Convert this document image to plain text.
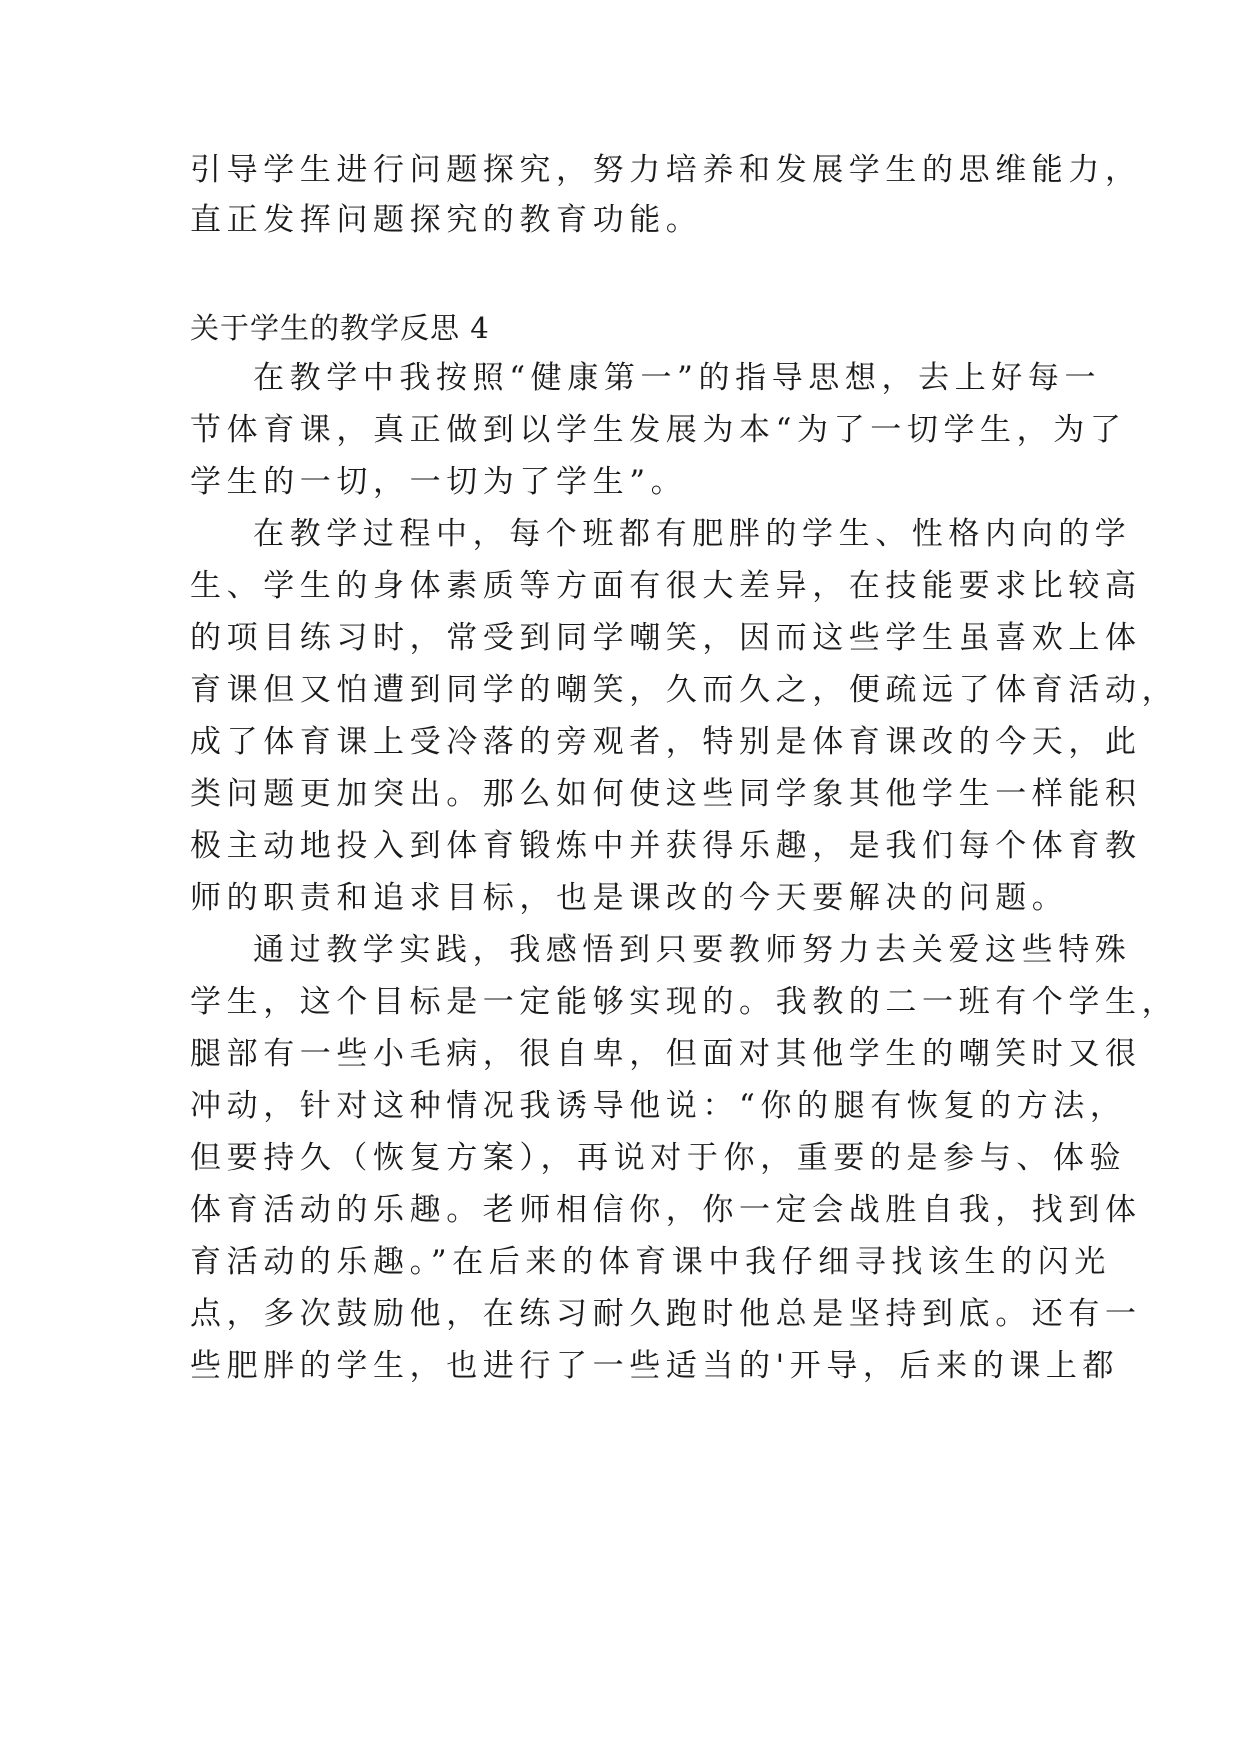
引导学生进行问题探究，努力培养和发展学生的思维能力，
直正发挥问题探究的教育功能。
关于学生的教学反思 4
在教学中我按照“健康第一”的指导思想，去上好每一
节体育课，真正做到以学生发展为本“为了一切学生，为了
学生的一切，一切为了学生”。
在教学过程中，每个班都有肥胖的学生、性格内向的学
生、学生的身体素质等方面有很大差异，在技能要求比较高
的项目练习时，常受到同学嘲笑，因而这些学生虽喜欢上体
育课但又怕遭到同学的嘲笑，久而久之，便疏远了体育活动，
成了体育课上受冷落的旁观者，特别是体育课改的今天，此
类问题更加突出。那么如何使这些同学象其他学生一样能积
极主动地投入到体育锻炼中并获得乐趣，是我们每个体育教
师的职责和追求目标，也是课改的今天要解决的问题。
通过教学实践，我感悟到只要教师努力去关爱这些特殊
学生，这个目标是一定能够实现的。我教的二一班有个学生，
腿部有一些小毛病，很自卑，但面对其他学生的嘲笑时又很
冲动，针对这种情况我诱导他说：“你的腿有恢复的方法，
但要持久（恢复方案），再说对于你，重要的是参与、体验
体育活动的乐趣。老师相信你，你一定会战胜自我，找到体
育活动的乐趣。”在后来的体育课中我仔细寻找该生的闪光
点，多次鼓励他，在练习耐久跑时他总是坚持到底。还有一
些肥胖的学生，也进行了一些适当的'开导，后来的课上都
